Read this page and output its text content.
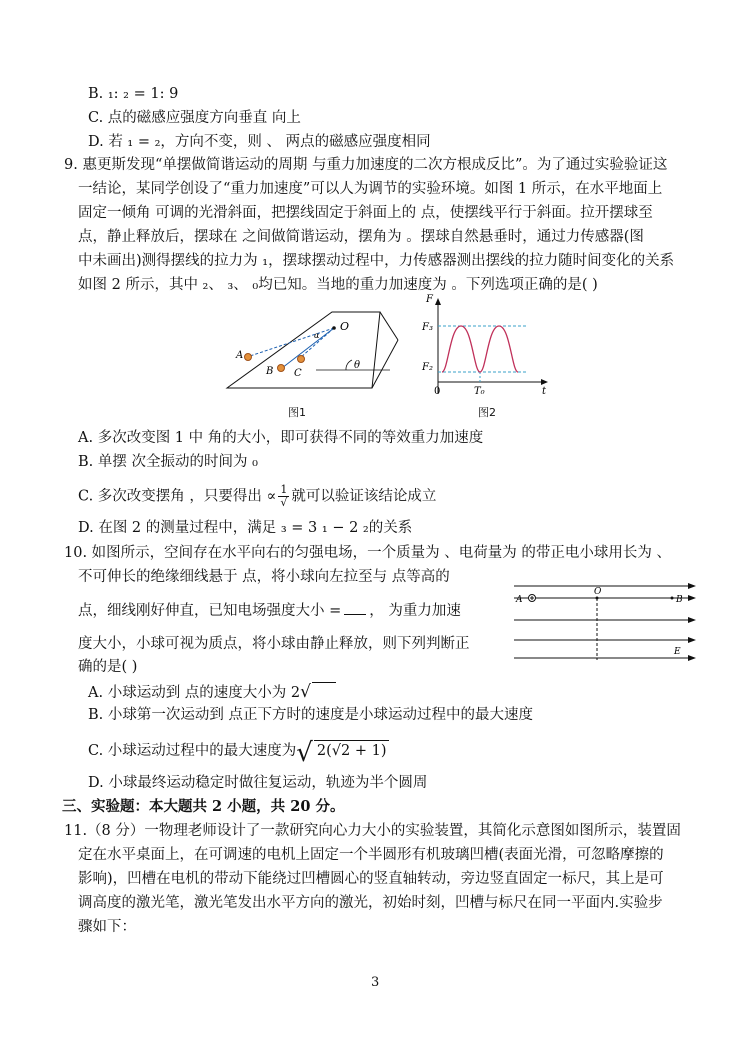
B. ₁: ₂ = 1: 9
C. 点的磁感应强度方向垂直 向上
D. 若 ₁ = ₂，方向不变，则 、 两点的磁感应强度相同
9. 惠更斯发现“单摆做简谐运动的周期 与重力加速度的二次方根成反比”。为了通过实验验证这
一结论，某同学创设了“重力加速度”可以人为调节的实验环境。如图 1 所示，在水平地面上
固定一倾角 可调的光滑斜面，把摆线固定于斜面上的 点，使摆线平行于斜面。拉开摆球至
点，静止释放后，摆球在 之间做简谐运动，摆角为 。摆球自然悬垂时，通过力传感器(图
中未画出)测得摆线的拉力为 ₁，摆球摆动过程中，力传感器测出摆线的拉力随时间变化的关系
如图 2 所示，其中 ₂、 ₃、 ₀均已知。当地的重力加速度为 。下列选项正确的是( )
O
A
B C
θ
α
图1
F
F₃
F₂
0	T₀	t
图2
A. 多次改变图 1 中 角的大小，即可获得不同的等效重力加速度
B. 单摆 次全振动的时间为 ₀
C. 多次改变摆角 ，只要得出 ∝ $\frac{1}{√}$ 就可以验证该结论成立
D. 在图 2 的测量过程中，满足 ₃ = 3 ₁ − 2 ₂的关系
10. 如图所示，空间存在水平向右的匀强电场，一个质量为 、电荷量为 的带正电小球用长为 、
不可伸长的绝缘细线悬于 点，将小球向左拉至与 点等高的
点，细线刚好伸直，已知电场强度大小 = ， 为重力加速
度大小，小球可视为质点，将小球由静止释放，则下列判断正
确的是( )
A
O
B
E
A. 小球运动到 点的速度大小为 2√
B. 小球第一次运动到 点正下方时的速度是小球运动过程中的最大速度
C. 小球运动过程中的最大速度为√ 2(√2 + 1)
D. 小球最终运动稳定时做往复运动，轨迹为半个圆周
三、实验题：本大题共 2 小题，共 20 分。
11.（8 分）一物理老师设计了一款研究向心力大小的实验装置，其简化示意图如图所示，装置固
定在水平桌面上，在可调速的电机上固定一个半圆形有机玻璃凹槽(表面光滑，可忽略摩擦的
影响)，凹槽在电机的带动下能绕过凹槽圆心的竖直轴转动，旁边竖直固定一标尺，其上是可
调高度的激光笔，激光笔发出水平方向的激光，初始时刻，凹槽与标尺在同一平面内.实验步
骤如下：
3
